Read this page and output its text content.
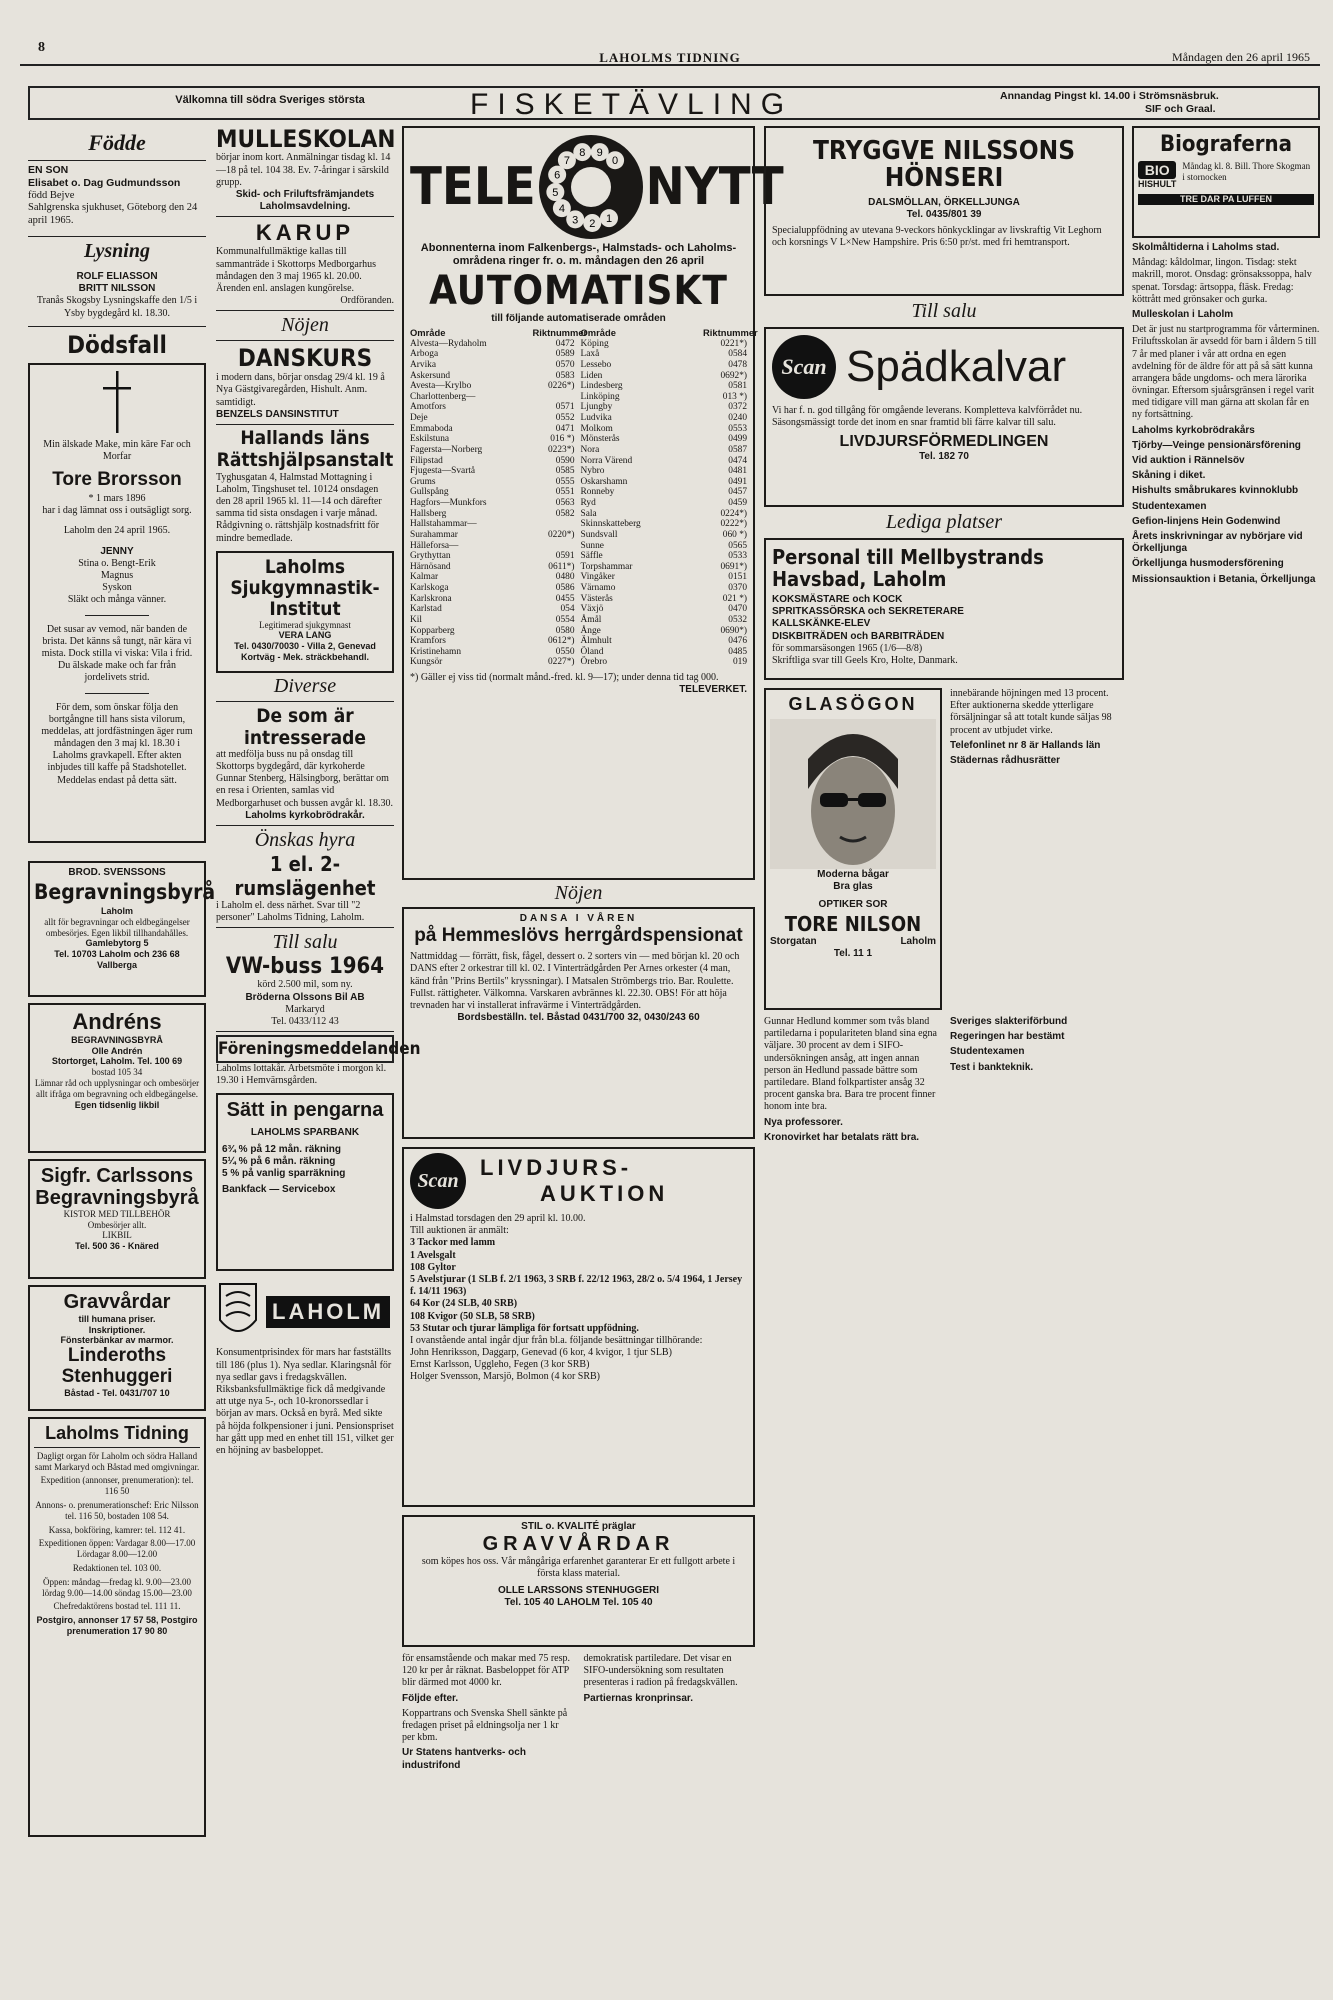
8
LAHOLMS TIDNING	Måndagen den 26 april 1965
Välkomna till södra Sveriges största	FISKETÄVLING	Annandag Pingst kl. 14.00 i Strömsnäsbruk.
SIF och Graal.
Födde
EN SON
Elisabet o. Dag Gudmundsson
född Bejve
Sahlgrenska sjukhuset, Göteborg den 24 april 1965.
Lysning
ROLF ELIASSON
BRITT NILSSON
Tranås Skogsby Lysningskaffe den 1/5 i Ysby bygdegård kl. 18.30.
Dödsfall
Min älskade Make, min käre Far och Morfar
Tore Brorsson
* 1 mars 1896
har i dag lämnat oss i outsägligt sorg.
Laholm den 24 april 1965.
JENNY
Stina o. Bengt-Erik
Magnus
Syskon
Släkt och många vänner.
Det susar av vemod, när banden de brista. Det känns så tungt, när kära vi mista. Dock stilla vi viska: Vila i frid. Du älskade make och far från jordelivets strid.
För dem, som önskar följa den bortgångne till hans sista vilorum, meddelas, att jordfästningen äger rum måndagen den 3 maj kl. 18.30 i Laholms gravkapell. Efter akten inbjudes till kaffe på Stadshotellet. Meddelas endast på detta sätt.
BROD. SVENSSONS
Begravningsbyrå
Laholm
allt för begravningar och eldbegängelser ombesörjes. Egen likbil tillhandahålles.
Gamlebytorg 5
Tel. 10703 Laholm och 236 68 Vallberga
Andréns
BEGRAVNINGSBYRÅ
Olle Andrén
Stortorget, Laholm. Tel. 100 69
bostad 105 34
Lämnar råd och upplysningar och ombesörjer allt ifråga om begravning och eldbegängelse.
Egen tidsenlig likbil
Sigfr. Carlssons Begravningsbyrå
KISTOR MED TILLBEHÖR
Ombesörjer allt.
LIKBIL
Tel. 500 36 - Knäred
Gravvårdar
till humana priser.
Inskriptioner.
Fönsterbänkar av marmor.
Linderoths Stenhuggeri
Båstad - Tel. 0431/707 10
Laholms Tidning

Dagligt organ för Laholm och södra Halland samt Markaryd och Båstad med omgivningar.

Expedition (annonser, prenumeration): tel. 116 50

Annons- o. prenumerationschef: Eric Nilsson tel. 116 50, bostaden 108 54.

Kassa, bokföring, kamrer: tel. 112 41.

Expeditionen öppen: Vardagar 8.00—17.00 Lördagar 8.00—12.00

Redaktionen tel. 103 00.

Öppen: måndag—fredag kl. 9.00—23.00 lördag 9.00—14.00 söndag 15.00—23.00

Chefredaktörens bostad tel. 111 11.

Postgiro, annonser 17 57 58, Postgiro prenumeration 17 90 80

MULLESKOLAN
börjar inom kort. Anmälningar tisdag kl. 14—18 på tel. 104 38. Ev. 7-åringar i särskild grupp.
Skid- och Friluftsfrämjandets Laholmsavdelning.
KARUP
Kommunalfullmäktige kallas till sammanträde i Skottorps Medborgarhus måndagen den 3 maj 1965 kl. 20.00. Ärenden enl. anslagen kungörelse.
Ordföranden.
Nöjen
DANSKURS
i modern dans, börjar onsdag 29/4 kl. 19 å Nya Gästgivaregården, Hishult. Anm. samtidigt.
BENZELS DANSINSTITUT
Hallands läns Rättshjälpsanstalt
Tyghusgatan 4, Halmstad Mottagning i Laholm, Tingshuset tel. 10124 onsdagen den 28 april 1965 kl. 11—14 och därefter samma tid sista onsdagen i varje månad. Rådgivning o. rättshjälp kostnadsfritt för mindre bemedlade.
Laholms Sjukgymnastik-Institut
Legitimerad sjukgymnast
VERA LANG
Tel. 0430/70030 - Villa 2, Genevad
Kortväg - Mek. sträckbehandl.
Diverse
De som är intresserade
att medfölja buss nu på onsdag till Skottorps bygdegård, där kyrkoherde Gunnar Stenberg, Hälsingborg, berättar om en resa i Orienten, samlas vid Medborgarhuset och bussen avgår kl. 18.30.
Laholms kyrkobrödrakår.
Önskas hyra
1 el. 2-rumslägenhet
i Laholm el. dess närhet. Svar till "2 personer" Laholms Tidning, Laholm.
Till salu
VW-buss 1964
körd 2.500 mil, som ny.
Bröderna Olssons Bil AB
Markaryd
Tel. 0433/112 43
Föreningsmeddelanden
Laholms lottakår. Arbetsmöte i morgon kl. 19.30 i Hemvärnsgården.
Sätt in pengarna
LAHOLMS SPARBANK
6¾ % på 12 mån. räkning
5¼ % på 6 mån. räkning
5 % på vanlig sparräkning
Bankfack — Servicebox
LAHOLM
Konsumentprisindex för mars har fastställts till 186 (plus 1). Nya sedlar. Klaringsnål för nya sedlar gavs i fredagskvällen. Riksbanksfullmäktige fick då medgivande att utge nya 5-, och 10-kronorssedlar i början av mars. Också en byrå. Med sikte på höjda folkpensioner i juni. Pensionspriset har gått upp med en enhet till 151, vilket ger en höjning av basbeloppet.
TELE
1
2
3
4
5
6
7
8 9
0 NYTT
Abonnenterna inom Falkenbergs-, Halmstads- och Laholms-områdena ringer fr. o. m. måndagen den 26 april
AUTOMATISKT
till följande automatiserade områden
Område	Riktnummer
Område	Riktnummer
Alvesta—Rydaholm	0472 Köping	0221*)
Arboga	0589 Laxå	0584
Arvika	0570 Lessebo	0478
Askersund	0583 Liden	0692*)
Avesta—Krylbo	0226*) Lindesberg	0581
Charlottenberg—	Linköping	013 *)
Amotfors	0571 Ljungby	0372
Deje	0552 Ludvika	0240
Emmaboda	0471 Molkom	0553
Eskilstuna	016 *) Mönsterås	0499
Fagersta—Norberg	0223*) Nora	0587
Filipstad	0590 Norra Värend	0474
Fjugesta—Svartå	0585 Nybro	0481
Grums	0555 Oskarshamn	0491
Gullspång	0551 Ronneby	0457
Hagfors—Munkfors	0563 Ryd	0459
Hallsberg	0582 Sala	0224*)
Hallstahammar—	Skinnskatteberg	0222*)
Surahammar	0220*) Sundsvall	060 *)
Hälleforsa—	Sunne	0565
Grythyttan	0591 Säffle	0533
Härnösand	0611*) Torpshammar	0691*)
Kalmar	0480 Vingåker	0151
Karlskoga	0586 Värnamo	0370
Karlskrona	0455 Västerås	021 *)
Karlstad	054 Växjö	0470
Kil	0554 Åmål	0532
Kopparberg	0580 Ånge	0690*)
Kramfors	0612*) Älmhult	0476
Kristinehamn	0550 Öland	0485
Kungsör	0227*) Örebro	019
*) Gäller ej viss tid (normalt månd.-fred. kl. 9—17); under denna tid tag 000.
TELEVERKET.
Nöjen
DANSA I VÅREN
på Hemmeslövs herrgårdspensionat
Nattmiddag — förrätt, fisk, fågel, dessert o. 2 sorters vin — med början kl. 20 och DANS efter 2 orkestrar till kl. 02. I Vinterträdgården Per Arnes orkester (4 man, känd från "Prins Bertils" kryssningar). I Matsalen Strömbergs trio. Bar. Roulette. Fullst. rättigheter. Välkomna. Varskaren avbrännes kl. 22.30. OBS! För att höja trevnaden har vi installerat infravärme i Vinterträdgården.
Bordsbeställn. tel. Båstad 0431/700 32, 0430/243 60
Scan
LIVDJURS-
AUKTION
i Halmstad torsdagen den 29 april kl. 10.00.
Till auktionen är anmält:
3 Tackor med lamm
1 Avelsgalt
108 Gyltor
5 Avelstjurar (1 SLB f. 2/1 1963, 3 SRB f. 22/12 1963, 28/2 o. 5/4 1964, 1 Jersey f. 14/11 1963)
64 Kor (24 SLB, 40 SRB)
108 Kvigor (50 SLB, 58 SRB)
53 Stutar och tjurar lämpliga för fortsatt uppfödning.
I ovanstående antal ingår djur från bl.a. följande besättningar tillhörande:
John Henriksson, Daggarp, Genevad (6 kor, 4 kvigor, 1 tjur SLB)
Ernst Karlsson, Uggleho, Fegen (3 kor SRB)
Holger Svensson, Marsjö, Bolmon (4 kor SRB)
STIL o. KVALITÉ präglar
GRAVVÅRDAR
som köpes hos oss. Vår mångåriga erfarenhet garanterar Er ett fullgott arbete i första klass material.
OLLE LARSSONS STENHUGGERI
Tel. 105 40 LAHOLM Tel. 105 40

för ensamstående och makar med 75 resp. 120 kr per år räknat. Basbeloppet för ATP blir därmed mot 4000 kr.

Följde efter.

Koppartrans och Svenska Shell sänkte på fredagen priset på eldningsolja ner 1 kr per kbm.

Ur Statens hantverks- och industrifond

demokratisk partiledare. Det visar en SIFO-undersökning som resultaten presenteras i radion på fredagskvällen.

Partiernas kronprinsar.

TRYGGVE NILSSONS HÖNSERI
DALSMÖLLAN, ÖRKELLJUNGA
Tel. 0435/801 39
Specialuppfödning av utevana 9-veckors hönkycklingar av livskraftig Vit Leghorn och korsnings V L×New Hampshire. Pris 6:50 pr/st. med fri hemtransport.
Till salu
Scan Spädkalvar
Vi har f. n. god tillgång för omgående leverans. Kompletteva kalvförrådet nu. Säsongsmässigt torde det inom en snar framtid bli färre kalvar till salu.
LIVDJURSFÖRMEDLINGEN
Tel. 182 70
Lediga platser
Personal till Mellbystrands Havsbad, Laholm
KOKSMÄSTARE och KOCK
SPRITKASSÖRSKA och SEKRETERARE
KALLSKÄNKE-ELEV
DISKBITRÄDEN och BARBITRÄDEN
för sommarsäsongen 1965 (1/6—8/8)
Skriftliga svar till Geels Kro, Holte, Danmark.
GLASÖGON
Moderna bågar
Bra glas
OPTIKER SOR
TORE NILSON
Storgatan	Laholm
Tel. 11 1

innebärande höjningen med 13 procent. Efter auktionerna skedde ytterligare försäljningar så att totalt kunde säljas 98 procent av utbjudet virke.

Telefonlinet nr 8 är Hallands län

Städernas rådhusrätter

Gunnar Hedlund kommer som tvås bland partiledarna i populariteten bland sina egna väljare. 30 procent av dem i SIFO-undersökningen ansåg, att ingen annan person än Hedlund passade bättre som partiledare. Bland folkpartister ansåg 32 procent ganska bra. Bara tre procent finner honom inte bra.

Nya professorer.

Kronovirket har betalats rätt bra.

Sveriges slakteriförbund

Regeringen har bestämt

Studentexamen

Test i bankteknik.

Biograferna
BIO
HISHULT
Måndag kl. 8. Bill. Thore Skogman i stornocken
TRE DAR PA LUFFEN

Skolmåltiderna i Laholms stad.

Måndag: kåldolmar, lingon. Tisdag: stekt makrill, morot. Onsdag: grönsakssoppa, halv spenat. Torsdag: ärtsoppa, fläsk. Fredag: köttrått med grönsaker och gurka.

Mulleskolan i Laholm

Det är just nu startprogramma för vårterminen. Friluftsskolan är avsedd för barn i åldern 5 till 7 år med planer i vår att ordna en egen avdelning för de äldre för att på så sätt kunna arrangera både ungdoms- och mera lärorika övningar. Eftersom sjuårsgränsen i regel varit med tidigare vill man gärna att skolan får en ny fortsättning.

Laholms kyrkobrödrakårs

Tjörby—Veinge pensionärsförening

Vid auktion i Rännelsöv

Skåning i diket.

Hishults småbrukares kvinnoklubb

Studentexamen

Gefion-linjens Hein Godenwind

Årets inskrivningar av nybörjare vid Örkelljunga

Örkelljunga husmodersförening

Missionsauktion i Betania, Örkelljunga
